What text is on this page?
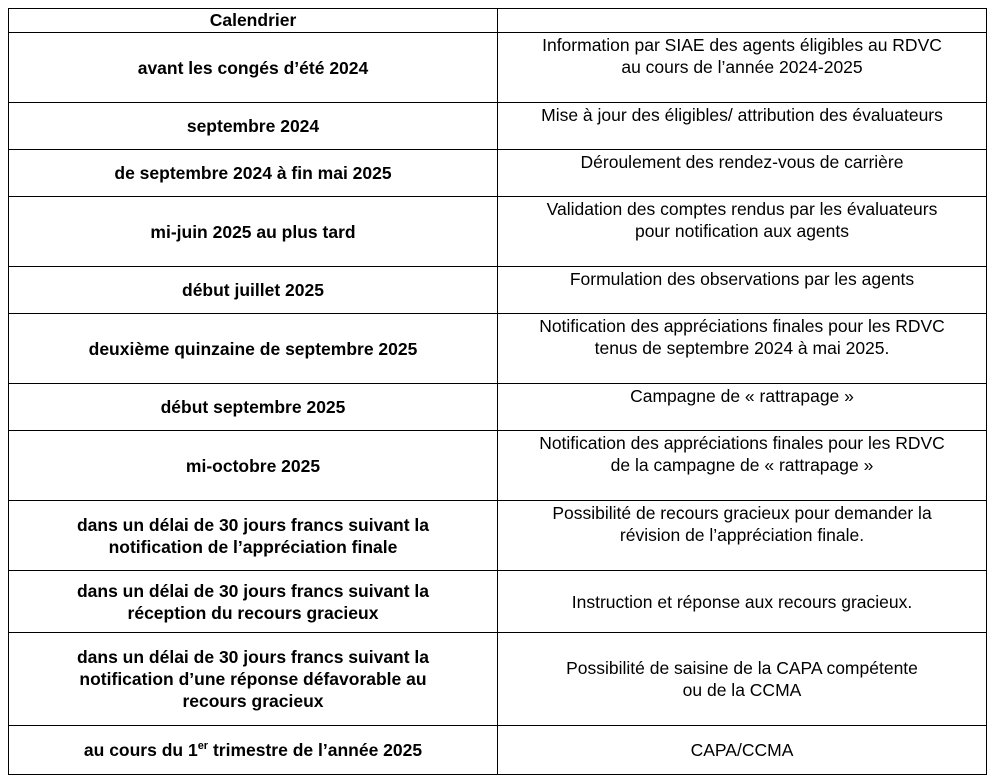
Calendrier	
avant les congés d’été 2024	Information par SIAE des agents éligibles au RDVC
au cours de l’année 2024-2025
septembre 2024	Mise à jour des éligibles/ attribution des évaluateurs
de septembre 2024 à fin mai 2025	Déroulement des rendez-vous de carrière
mi-juin 2025 au plus tard	Validation des comptes rendus par les évaluateurs
pour notification aux agents
début juillet 2025	Formulation des observations par les agents
deuxième quinzaine de septembre 2025	Notification des appréciations finales pour les RDVC
tenus de septembre 2024 à mai 2025.
début septembre 2025	Campagne de « rattrapage »
mi-octobre 2025	Notification des appréciations finales pour les RDVC
de la campagne de « rattrapage »
dans un délai de 30 jours francs suivant la
notification de l’appréciation finale	Possibilité de recours gracieux pour demander la
révision de l’appréciation finale.
dans un délai de 30 jours francs suivant la
réception du recours gracieux	Instruction et réponse aux recours gracieux.
dans un délai de 30 jours francs suivant la
notification d’une réponse défavorable au
recours gracieux	Possibilité de saisine de la CAPA compétente
ou de la CCMA
au cours du 1er trimestre de l’année 2025	CAPA/CCMA
